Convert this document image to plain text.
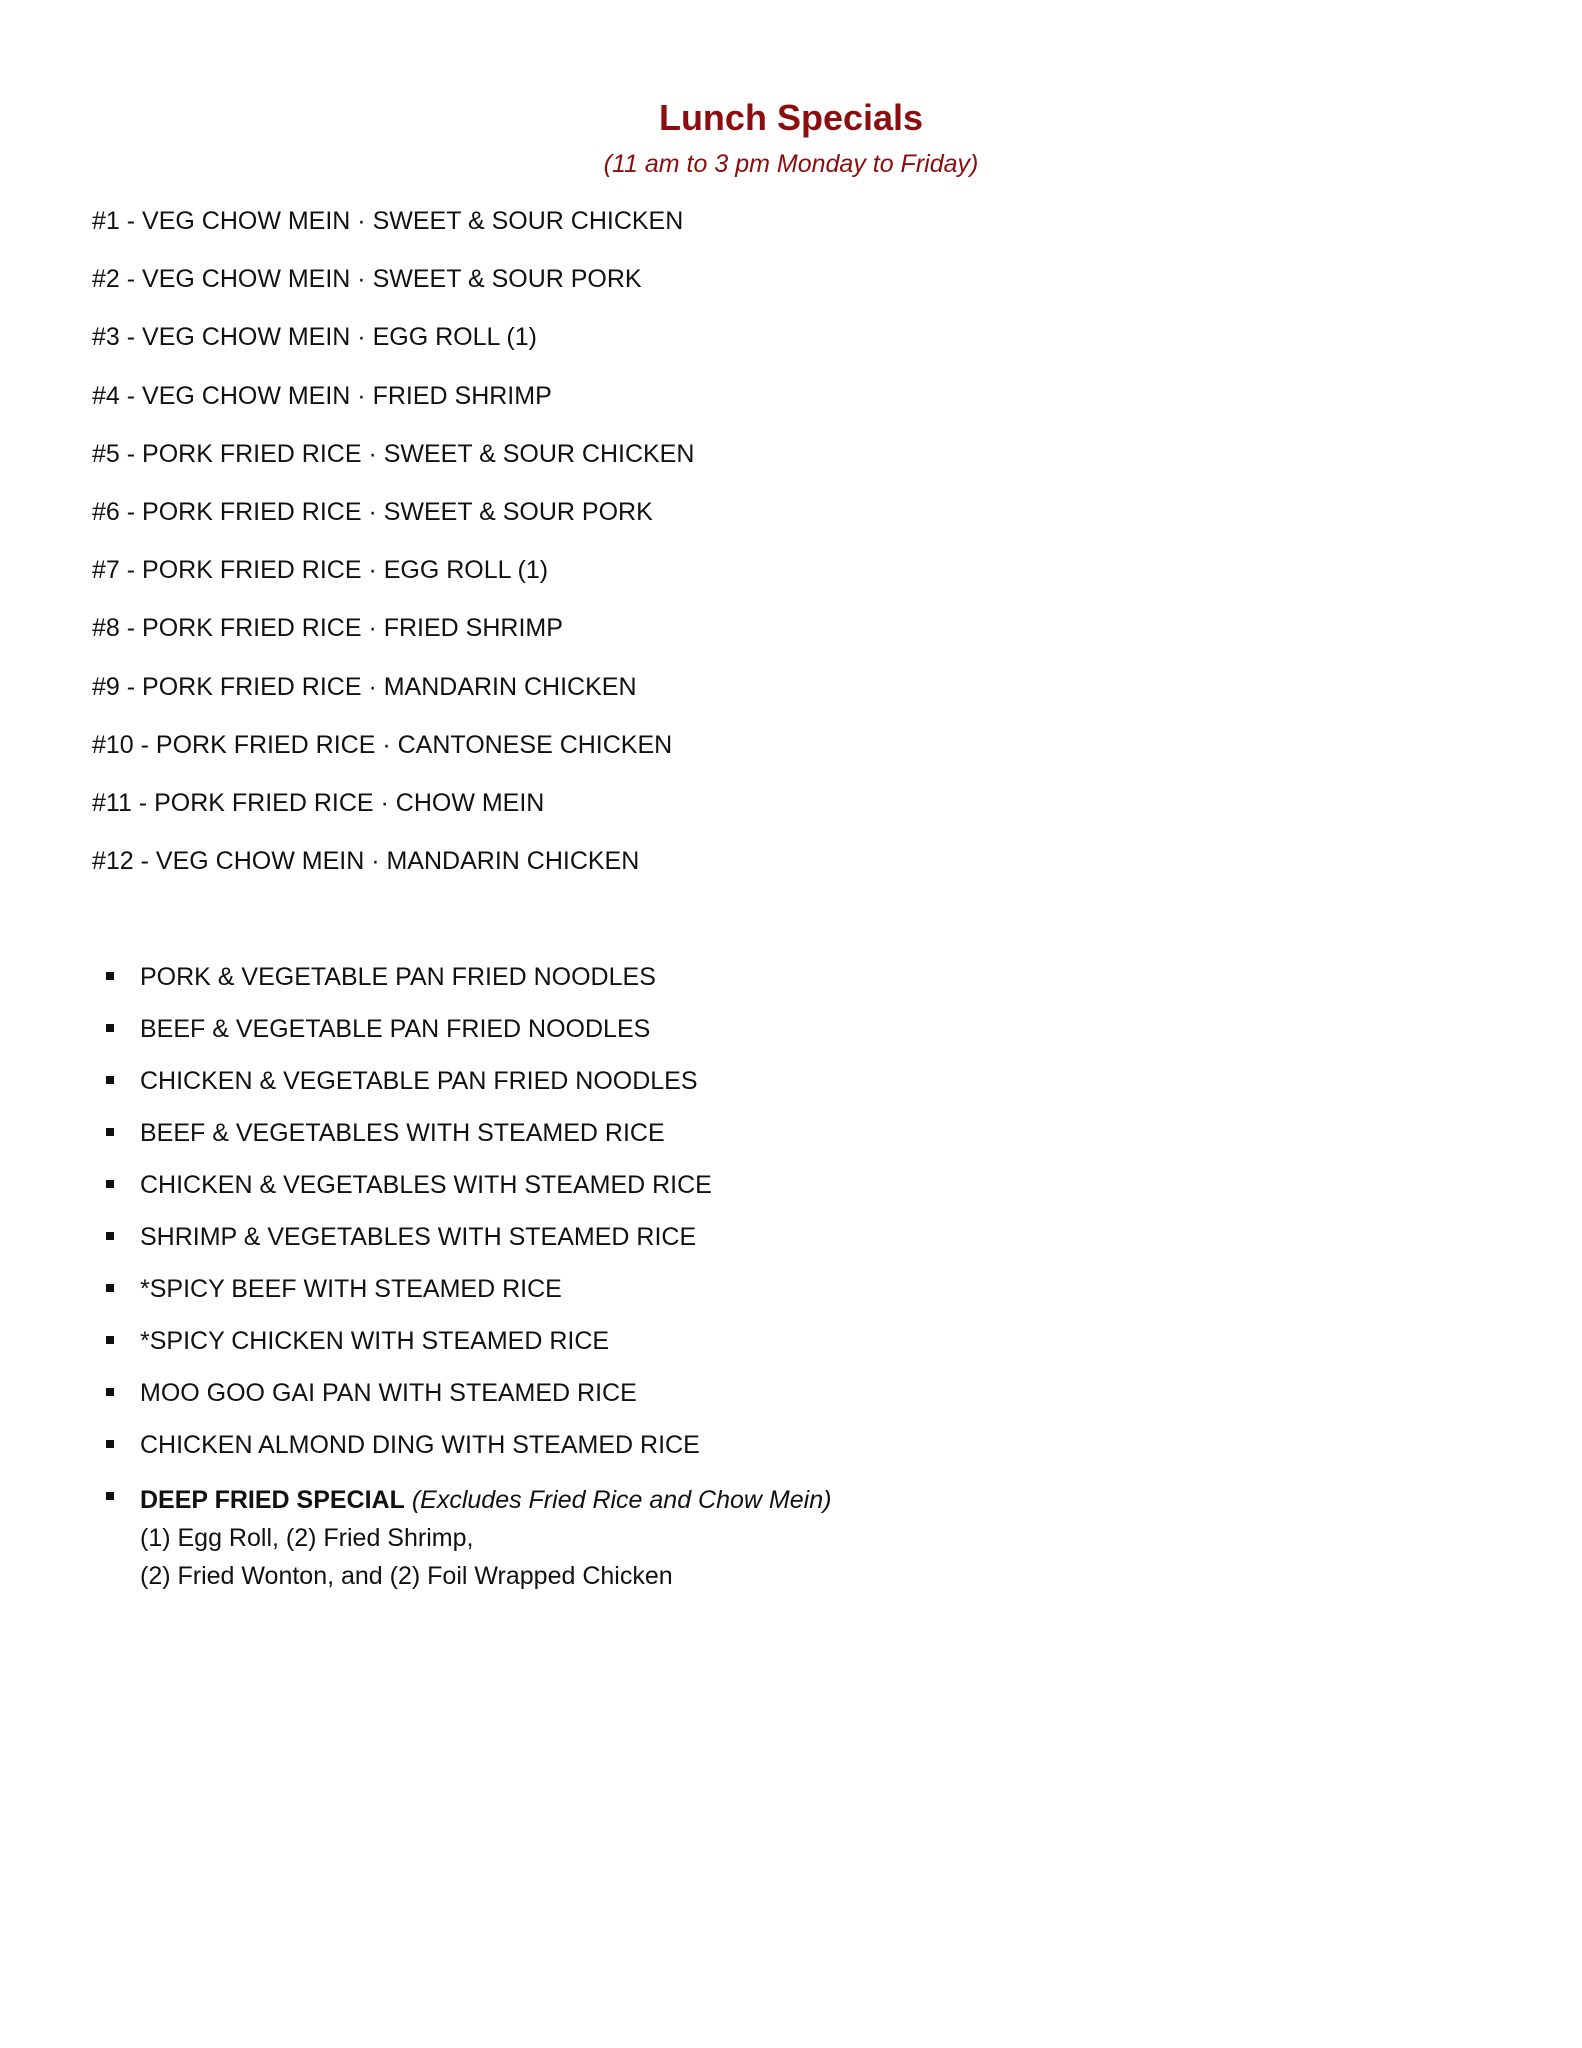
Lunch Specials
(11 am to 3 pm Monday to Friday)
#1 - VEG CHOW MEIN · SWEET & SOUR CHICKEN
#2 - VEG CHOW MEIN · SWEET & SOUR PORK
#3 - VEG CHOW MEIN · EGG ROLL (1)
#4 - VEG CHOW MEIN · FRIED SHRIMP
#5 - PORK FRIED RICE · SWEET & SOUR CHICKEN
#6 - PORK FRIED RICE · SWEET & SOUR PORK
#7 - PORK FRIED RICE · EGG ROLL (1)
#8 - PORK FRIED RICE · FRIED SHRIMP
#9 - PORK FRIED RICE · MANDARIN CHICKEN
#10 - PORK FRIED RICE · CANTONESE CHICKEN
#11 - PORK FRIED RICE · CHOW MEIN
#12 - VEG CHOW MEIN · MANDARIN CHICKEN
PORK & VEGETABLE PAN FRIED NOODLES
BEEF & VEGETABLE PAN FRIED NOODLES
CHICKEN & VEGETABLE PAN FRIED NOODLES
BEEF & VEGETABLES WITH STEAMED RICE
CHICKEN & VEGETABLES WITH STEAMED RICE
SHRIMP & VEGETABLES WITH STEAMED RICE
*SPICY BEEF WITH STEAMED RICE
*SPICY CHICKEN WITH STEAMED RICE
MOO GOO GAI PAN WITH STEAMED RICE
CHICKEN ALMOND DING WITH STEAMED RICE
DEEP FRIED SPECIAL (Excludes Fried Rice and Chow Mein)
(1) Egg Roll, (2) Fried Shrimp,
(2) Fried Wonton, and (2) Foil Wrapped Chicken
